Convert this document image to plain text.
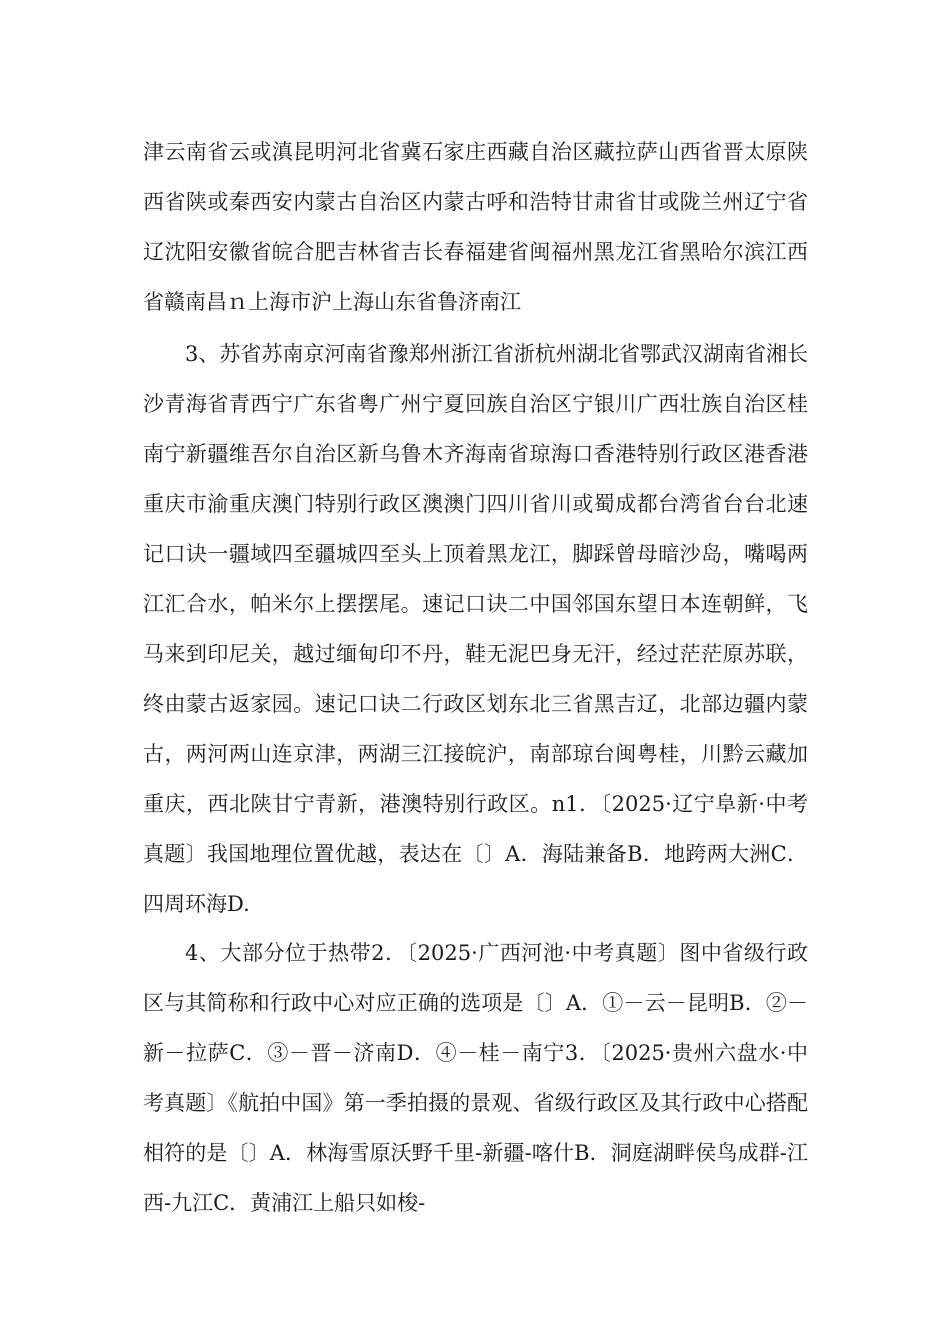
津云南省云或滇昆明河北省冀石家庄西藏自治区藏拉萨山西省晋太原陕西省陕或秦西安内蒙古自治区内蒙古呼和浩特甘肃省甘或陇兰州辽宁省辽沈阳安徽省皖合肥吉林省吉长春福建省闽福州黑龙江省黑哈尔滨江西省赣南昌ｎ上海市沪上海山东省鲁济南江

3、苏省苏南京河南省豫郑州浙江省浙杭州湖北省鄂武汉湖南省湘长沙青海省青西宁广东省粤广州宁夏回族自治区宁银川广西壮族自治区桂南宁新疆维吾尔自治区新乌鲁木齐海南省琼海口香港特别行政区港香港重庆市渝重庆澳门特别行政区澳澳门四川省川或蜀成都台湾省台台北速记口诀一疆域四至疆城四至头上顶着黑龙江，脚踩曾母暗沙岛，嘴喝两江汇合水，帕米尔上摆摆尾。速记口诀二中国邻国东望日本连朝鲜，飞马来到印尼关，越过缅甸印不丹，鞋无泥巴身无汗，经过茫茫原苏联，终由蒙古返家园。速记口诀二行政区划东北三省黑吉辽，北部边疆内蒙古，两河两山连京津，两湖三江接皖沪，南部琼台闽粤桂，川黔云藏加重庆，西北陕甘宁青新，港澳特别行政区。n1．〔2025·辽宁阜新·中考真题〕我国地理位置优越，表达在〔〕A．海陆兼备B．地跨两大洲C．四周环海D.

4、大部分位于热带2．〔2025·广西河池·中考真题〕图中省级行政区与其简称和行政中心对应正确的选项是〔〕A．①－云－昆明B．②－新－拉萨C．③－晋－济南D．④－桂－南宁3．〔2025·贵州六盘水·中考真题〕《航拍中国》第一季拍摄的景观、省级行政区及其行政中心搭配相符的是〔〕A．林海雪原沃野千里-新疆-喀什B．洞庭湖畔侯鸟成群-江西-九江C．黄浦江上船只如梭-
